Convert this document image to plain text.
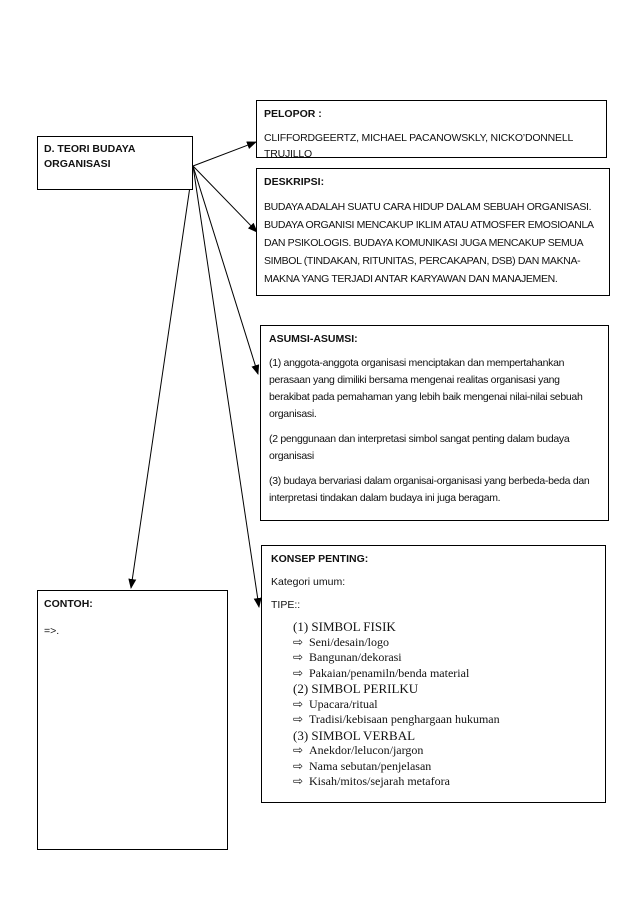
D. TEORI BUDAYA ORGANISASI
PELOPOR :
CLIFFORDGEERTZ, MICHAEL PACANOWSKLY, NICKO’DONNELL TRUJILLO
DESKRIPSI:
BUDAYA ADALAH SUATU CARA HIDUP DALAM SEBUAH ORGANISASI. BUDAYA ORGANISI MENCAKUP IKLIM ATAU ATMOSFER EMOSIOANLA DAN PSIKOLOGIS. BUDAYA KOMUNIKASI JUGA MENCAKUP SEMUA SIMBOL (TINDAKAN, RITUNITAS, PERCAKAPAN, DSB) DAN MAKNA-MAKNA YANG TERJADI ANTAR KARYAWAN DAN MANAJEMEN.
ASUMSI-ASUMSI:

(1) anggota-anggota organisasi menciptakan dan mempertahankan perasaan yang dimiliki bersama mengenai realitas organisasi yang berakibat pada pemahaman yang lebih baik mengenai nilai-nilai sebuah organisasi.

(2 penggunaan dan interpretasi simbol sangat penting dalam budaya organisasi

(3) budaya bervariasi dalam organisai-organisasi yang berbeda-beda dan interpretasi tindakan dalam budaya ini juga beragam.

KONSEP PENTING:
Kategori umum:
TIPE::
(1) SIMBOL FISIK
⇨ Seni/desain/logo
⇨ Bangunan/dekorasi
⇨ Pakaian/penamiln/benda material
(2) SIMBOL PERILKU
⇨ Upacara/ritual
⇨ Tradisi/kebisaan penghargaan hukuman
(3) SIMBOL VERBAL
⇨ Anekdor/lelucon/jargon
⇨ Nama sebutan/penjelasan
⇨ Kisah/mitos/sejarah metafora
CONTOH:
=>.
